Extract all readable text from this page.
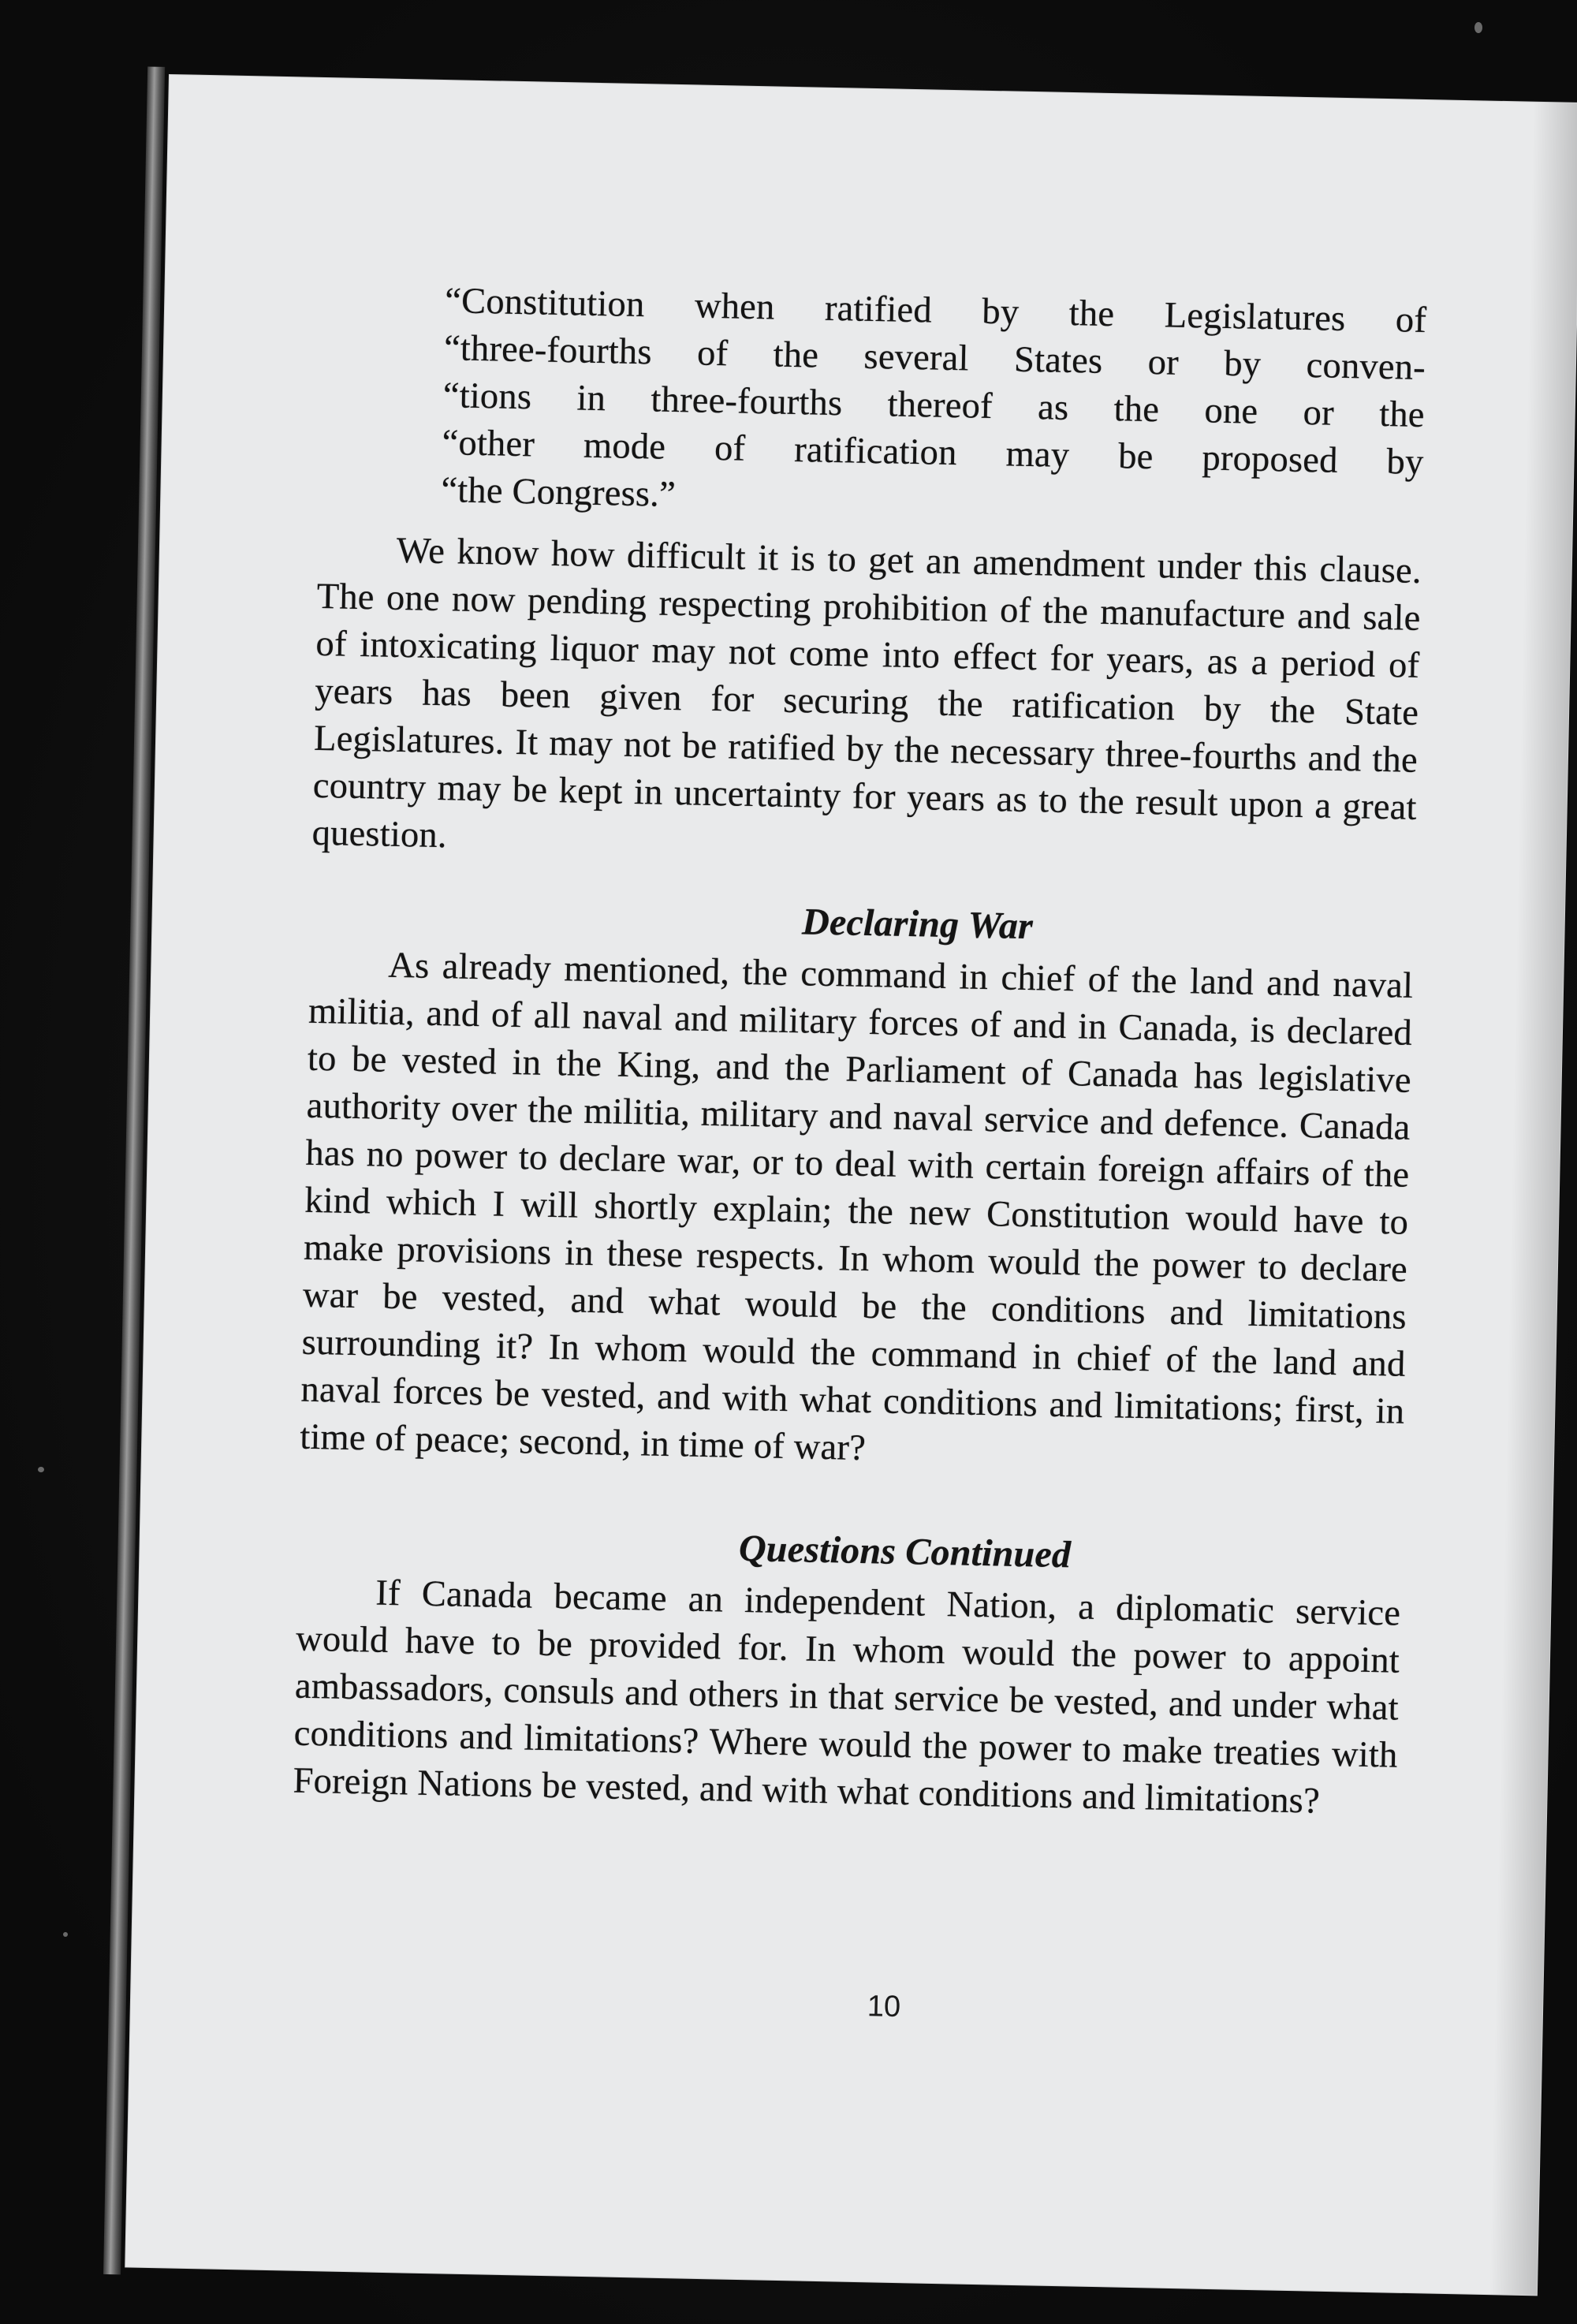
“Constitution when ratified by the Legislatures of
“three-fourths of the several States or by conven-
“tions in three-fourths thereof as the one or the
“other mode of ratification may be proposed by
“the Congress.”

We know how difficult it is to get an amendment under this clause. The one now pending respecting prohibition of the manufacture and sale of intoxicating liquor may not come into effect for years, as a period of years has been given for securing the ratification by the State Legislatures. It may not be ratified by the necessary three-fourths and the country may be kept in uncertainty for years as to the result upon a great question.

Declaring War

As already mentioned, the command in chief of the land and naval militia, and of all naval and military forces of and in Canada, is declared to be vested in the King, and the Parliament of Canada has legislative authority over the militia, military and naval service and defence. Canada has no power to declare war, or to deal with certain foreign affairs of the kind which I will shortly explain; the new Constitution would have to make provisions in these respects. In whom would the power to declare war be vested, and what would be the conditions and limitations surrounding it? In whom would the command in chief of the land and naval forces be vested, and with what conditions and limitations; first, in time of peace; second, in time of war?

Questions Continued

If Canada became an independent Nation, a diplomatic service would have to be provided for. In whom would the power to appoint ambassadors, consuls and others in that service be vested, and under what conditions and limitations? Where would the power to make treaties with Foreign Nations be vested, and with what conditions and limitations?

10
